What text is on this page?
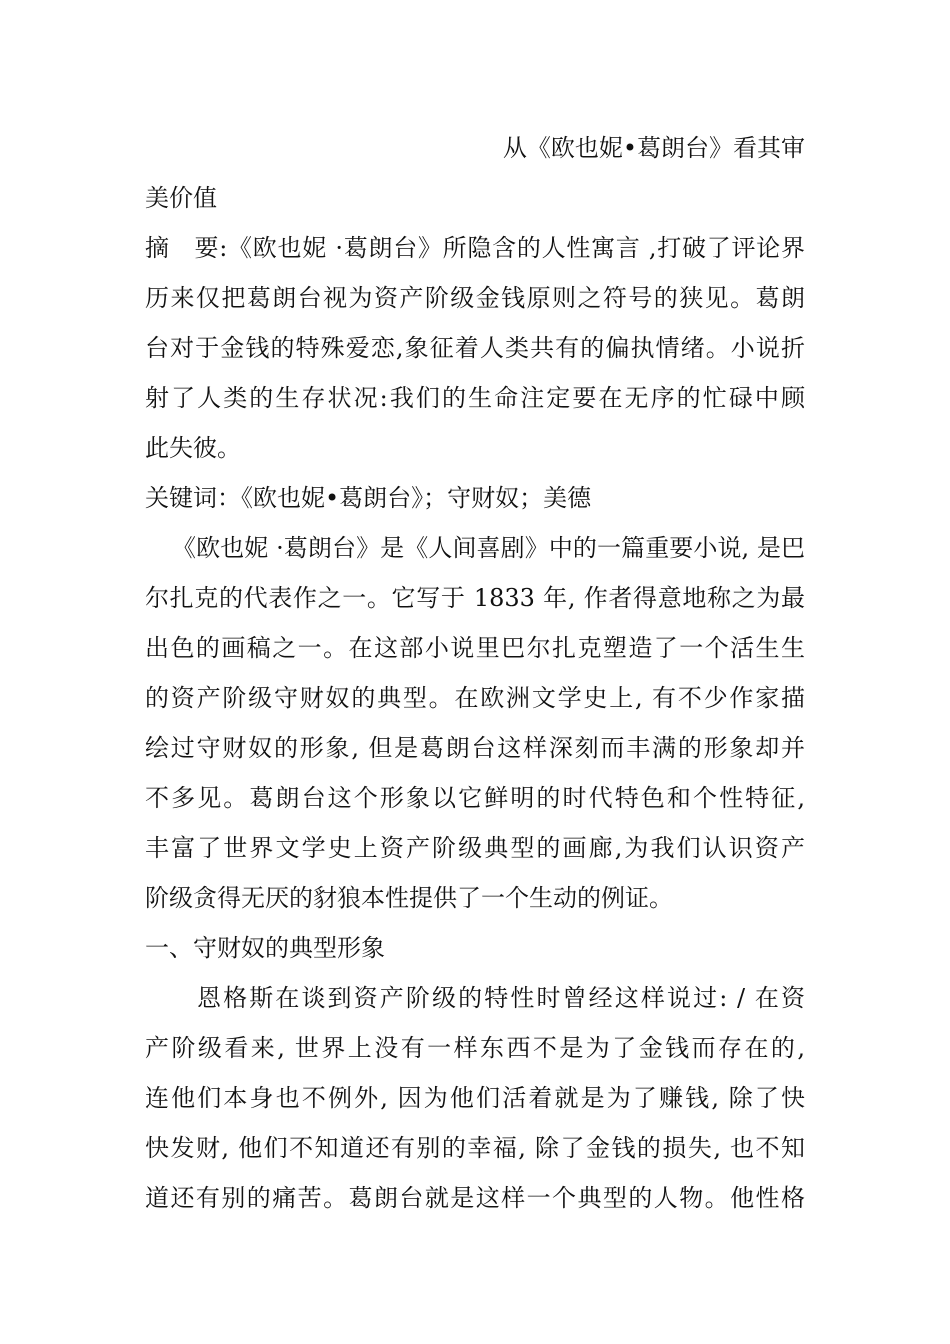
从《欧也妮•葛朗台》看其审
美价值
摘　要:《欧也妮 ·葛朗台》所隐含的人性寓言 ,打破了评论界
历来仅把葛朗台视为资产阶级金钱原则之符号的狭见。葛朗
台对于金钱的特殊爱恋,象征着人类共有的偏执情绪。小说折
射了人类的生存状况:我们的生命注定要在无序的忙碌中顾
此失彼。
关键词：《欧也妮•葛朗台》；守财奴；美德
《欧也妮 ·葛朗台》是《人间喜剧》中的一篇重要小说, 是巴
尔扎克的代表作之一。它写于 1833 年, 作者得意地称之为最
出色的画稿之一。在这部小说里巴尔扎克塑造了一个活生生
的资产阶级守财奴的典型。在欧洲文学史上, 有不少作家描
绘过守财奴的形象, 但是葛朗台这样深刻而丰满的形象却并
不多见。葛朗台这个形象以它鲜明的时代特色和个性特征,
丰富了世界文学史上资产阶级典型的画廊,为我们认识资产
阶级贪得无厌的豺狼本性提供了一个生动的例证。
一、守财奴的典型形象
恩格斯在谈到资产阶级的特性时曾经这样说过: / 在资
产阶级看来, 世界上没有一样东西不是为了金钱而存在的,
连他们本身也不例外, 因为他们活着就是为了赚钱, 除了快
快发财, 他们不知道还有别的幸福, 除了金钱的损失, 也不知
道还有别的痛苦。葛朗台就是这样一个典型的人物。他性格
